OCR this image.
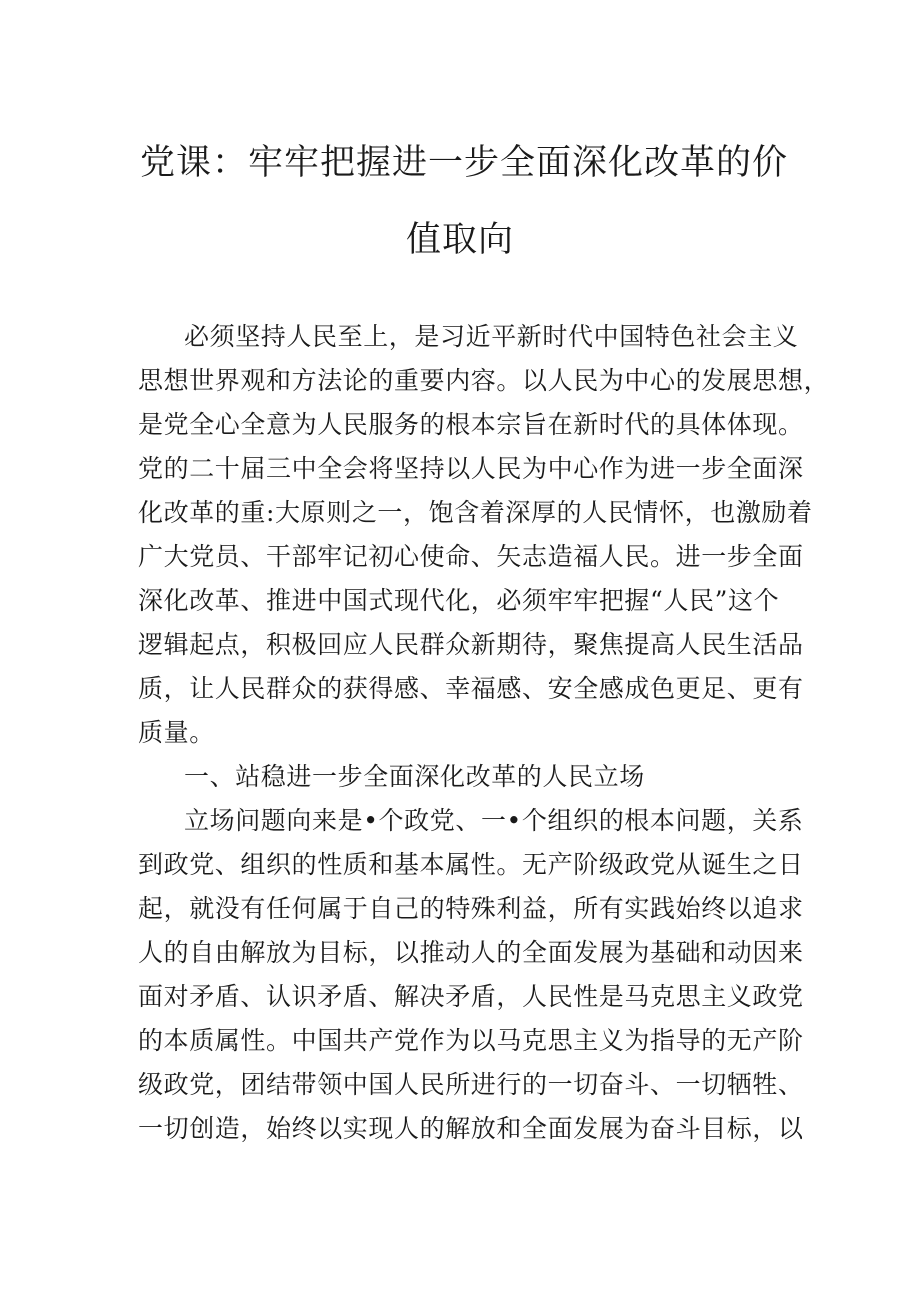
党课：牢牢把握进一步全面深化改革的价
值取向
必须坚持人民至上，是习近平新时代中国特色社会主义
思想世界观和方法论的重要内容。以人民为中心的发展思想，
是党全心全意为人民服务的根本宗旨在新时代的具体体现。
党的二十届三中全会将坚持以人民为中心作为进一步全面深
化改革的重:大原则之一，饱含着深厚的人民情怀，也激励着
广大党员、干部牢记初心使命、矢志造福人民。进一步全面
深化改革、推进中国式现代化，必须牢牢把握“人民”这个
逻辑起点，积极回应人民群众新期待，聚焦提高人民生活品
质，让人民群众的获得感、幸福感、安全感成色更足、更有
质量。
一、站稳进一步全面深化改革的人民立场
立场问题向来是•个政党、一•个组织的根本问题，关系
到政党、组织的性质和基本属性。无产阶级政党从诞生之日
起，就没有任何属于自己的特殊利益，所有实践始终以追求
人的自由解放为目标，以推动人的全面发展为基础和动因来
面对矛盾、认识矛盾、解决矛盾，人民性是马克思主义政党
的本质属性。中国共产党作为以马克思主义为指导的无产阶
级政党，团结带领中国人民所进行的一切奋斗、一切牺牲、
一切创造，始终以实现人的解放和全面发展为奋斗目标，以
